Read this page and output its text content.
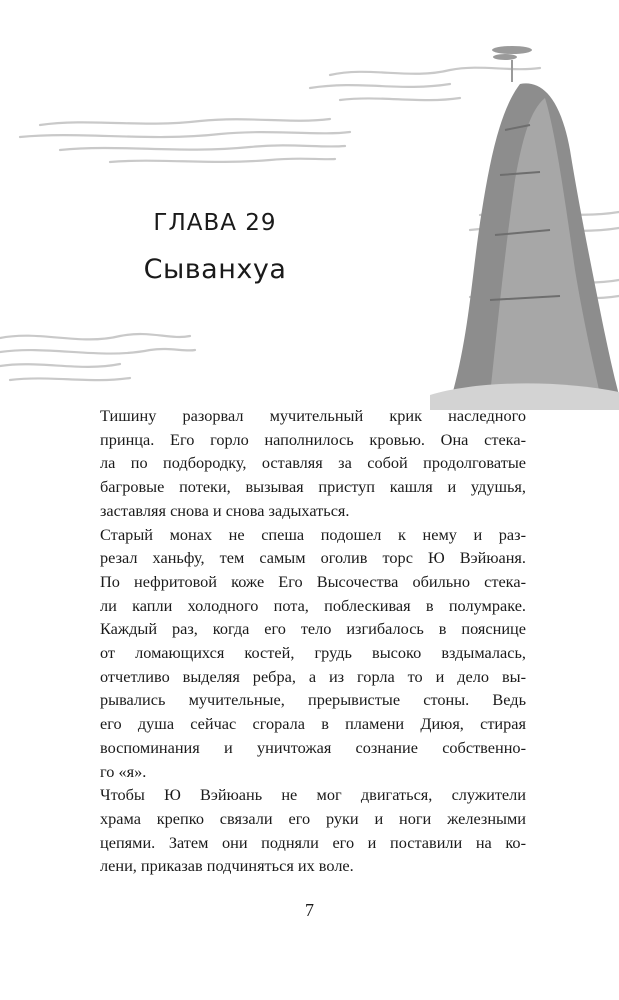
ГЛАВА 29
Сыванхуа

Тишину разорвал мучительный крик наследного
принца. Его горло наполнилось кровью. Она стека-
ла по подбородку, оставляя за собой продолговатые
багровые потеки, вызывая приступ кашля и удушья,
заставляя снова и снова задыхаться.

Старый монах не спеша подошел к нему и раз-
резал ханьфу, тем самым оголив торс Ю Вэйюаня.
По нефритовой коже Его Высочества обильно стека-
ли капли холодного пота, поблескивая в полумраке.
Каждый раз, когда его тело изгибалось в пояснице
от ломающихся костей, грудь высоко вздымалась,
отчетливо выделяя ребра, а из горла то и дело вы-
рывались мучительные, прерывистые стоны. Ведь
его душа сейчас сгорала в пламени Диюя, стирая
воспоминания и уничтожая сознание собственно-
го «я».

Чтобы Ю Вэйюань не мог двигаться, служители
храма крепко связали его руки и ноги железными
цепями. Затем они подняли его и поставили на ко-
лени, приказав подчиняться их воле.

7
